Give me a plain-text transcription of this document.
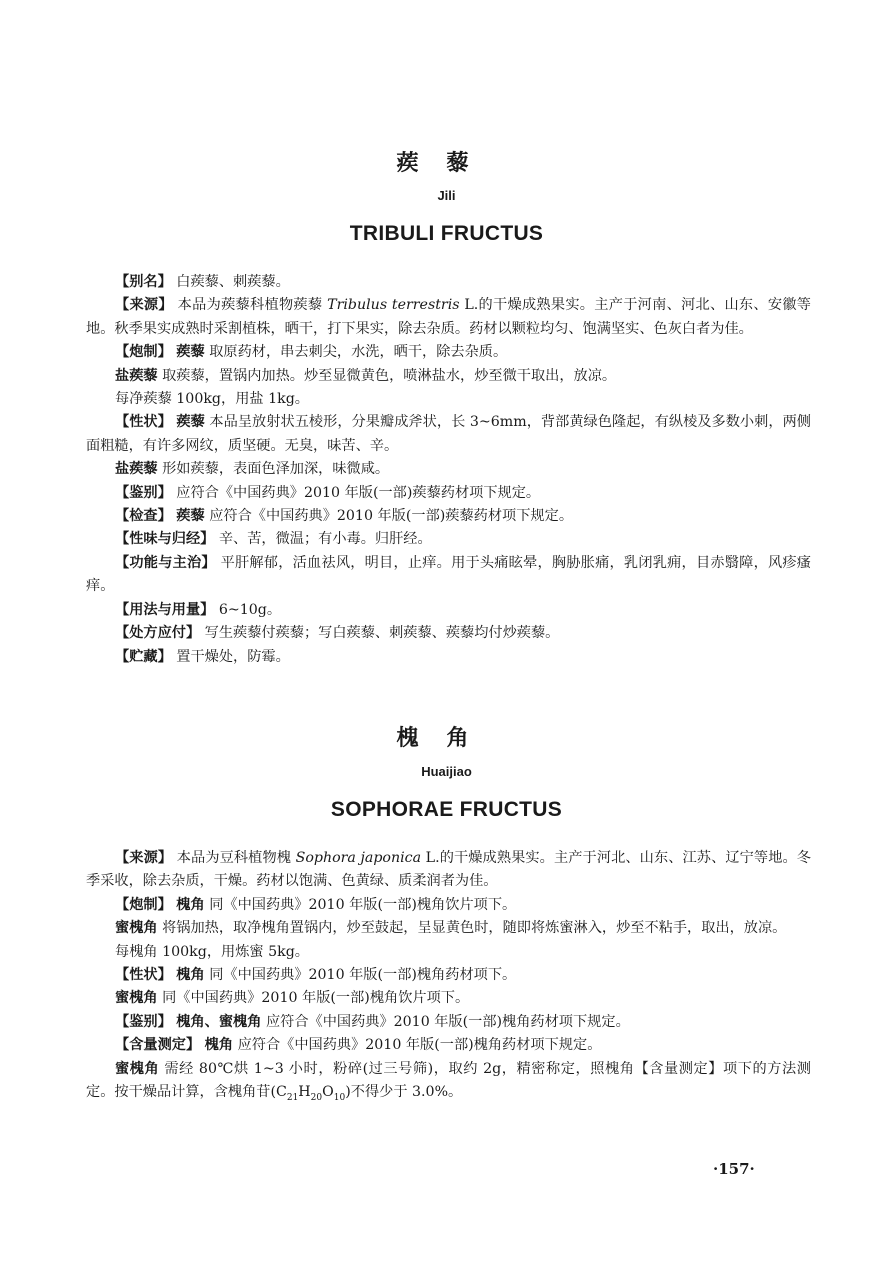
蒺藜
Jili
TRIBULI FRUCTUS

【别名】 白蒺藜、刺蒺藜。

【来源】 本品为蒺藜科植物蒺藜 Tribulus terrestris L.的干燥成熟果实。主产于河南、河北、山东、安徽等地。秋季果实成熟时采割植株，晒干，打下果实，除去杂质。药材以颗粒均匀、饱满坚实、色灰白者为佳。

【炮制】 蒺藜 取原药材，串去刺尖，水洗，晒干，除去杂质。

盐蒺藜 取蒺藜，置锅内加热。炒至显微黄色，喷淋盐水，炒至微干取出，放凉。

每净蒺藜 100kg，用盐 1kg。

【性状】 蒺藜 本品呈放射状五棱形，分果瓣成斧状，长 3~6mm，背部黄绿色隆起，有纵棱及多数小刺，两侧面粗糙，有许多网纹，质坚硬。无臭，味苦、辛。

盐蒺藜 形如蒺藜，表面色泽加深，味微咸。

【鉴别】 应符合《中国药典》2010 年版(一部)蒺藜药材项下规定。

【检查】 蒺藜 应符合《中国药典》2010 年版(一部)蒺藜药材项下规定。

【性味与归经】 辛、苦，微温；有小毒。归肝经。

【功能与主治】 平肝解郁，活血祛风，明目，止痒。用于头痛眩晕，胸胁胀痛，乳闭乳痈，目赤翳障，风疹瘙痒。

【用法与用量】 6~10g。

【处方应付】 写生蒺藜付蒺藜；写白蒺藜、刺蒺藜、蒺藜均付炒蒺藜。

【贮藏】 置干燥处，防霉。

槐角
Huaijiao
SOPHORAE FRUCTUS

【来源】 本品为豆科植物槐 Sophora japonica L.的干燥成熟果实。主产于河北、山东、江苏、辽宁等地。冬季采收，除去杂质，干燥。药材以饱满、色黄绿、质柔润者为佳。

【炮制】 槐角 同《中国药典》2010 年版(一部)槐角饮片项下。

蜜槐角 将锅加热，取净槐角置锅内，炒至鼓起，呈显黄色时，随即将炼蜜淋入，炒至不粘手，取出，放凉。

每槐角 100kg，用炼蜜 5kg。

【性状】 槐角 同《中国药典》2010 年版(一部)槐角药材项下。

蜜槐角 同《中国药典》2010 年版(一部)槐角饮片项下。

【鉴别】 槐角、蜜槐角 应符合《中国药典》2010 年版(一部)槐角药材项下规定。

【含量测定】 槐角 应符合《中国药典》2010 年版(一部)槐角药材项下规定。

蜜槐角 需经 80℃烘 1~3 小时，粉碎(过三号筛)，取约 2g，精密称定，照槐角【含量测定】项下的方法测定。按干燥品计算，含槐角苷$(C_{21}H_{20}O_{10})$不得少于 3.0%。

·157·
